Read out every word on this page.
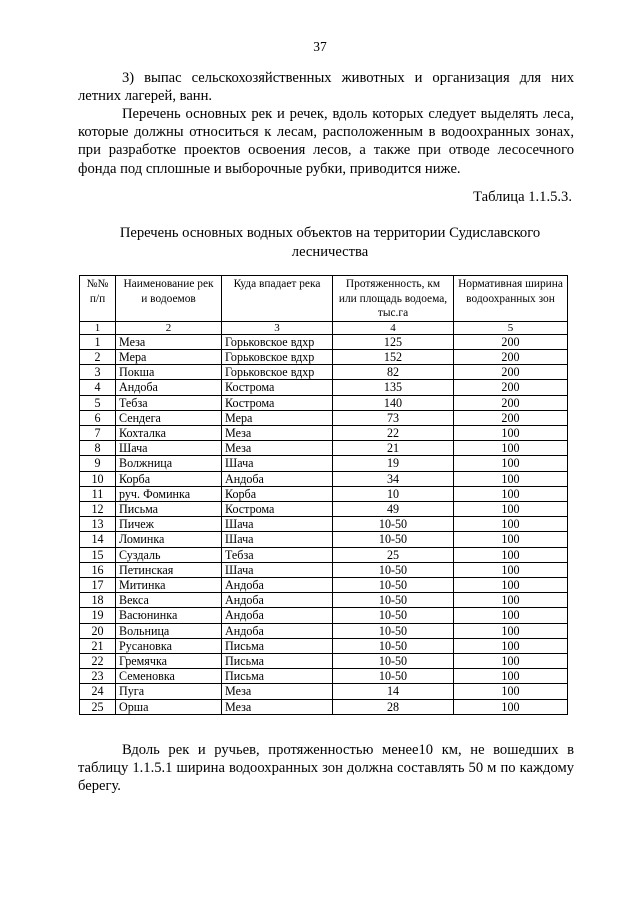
37

3) выпас сельскохозяйственных животных и организация для них летних лагерей, ванн.

Перечень основных рек и речек, вдоль которых следует выделять леса, которые должны относиться к лесам, расположенным в водоохранных зонах, при разработке проектов освоения лесов, а также при отводе лесосечного фонда под сплошные и выборочные рубки, приводится ниже.

Таблица 1.1.5.3.
Перечень основных водных объектов на территории Судиславского лесничества
№№ п/п	Наименование рек и водоемов	Куда впадает река	Протяженность, км или площадь водоема, тыс.га	Нормативная ширина водоохранных зон
1	2	3	4	5
1	Меза	Горьковское вдхр	125	200
2	Мера	Горьковское вдхр	152	200
3	Покша	Горьковское вдхр	82	200
4	Андоба	Кострома	135	200
5	Тебза	Кострома	140	200
6	Сендега	Мера	73	200
7	Кохталка	Меза	22	100
8	Шача	Меза	21	100
9	Волжница	Шача	19	100
10	Корба	Андоба	34	100
11	руч. Фоминка	Корба	10	100
12	Письма	Кострома	49	100
13	Пичеж	Шача	10-50	100
14	Ломинка	Шача	10-50	100
15	Суздаль	Тебза	25	100
16	Петинская	Шача	10-50	100
17	Митинка	Андоба	10-50	100
18	Векса	Андоба	10-50	100
19	Васюнинка	Андоба	10-50	100
20	Вольница	Андоба	10-50	100
21	Русановка	Письма	10-50	100
22	Гремячка	Письма	10-50	100
23	Семеновка	Письма	10-50	100
24	Пуга	Меза	14	100
25	Орша	Меза	28	100

Вдоль рек и ручьев, протяженностью менее10 км, не вошедших в таблицу 1.1.5.1 ширина водоохранных зон должна составлять 50 м по каждому берегу.
